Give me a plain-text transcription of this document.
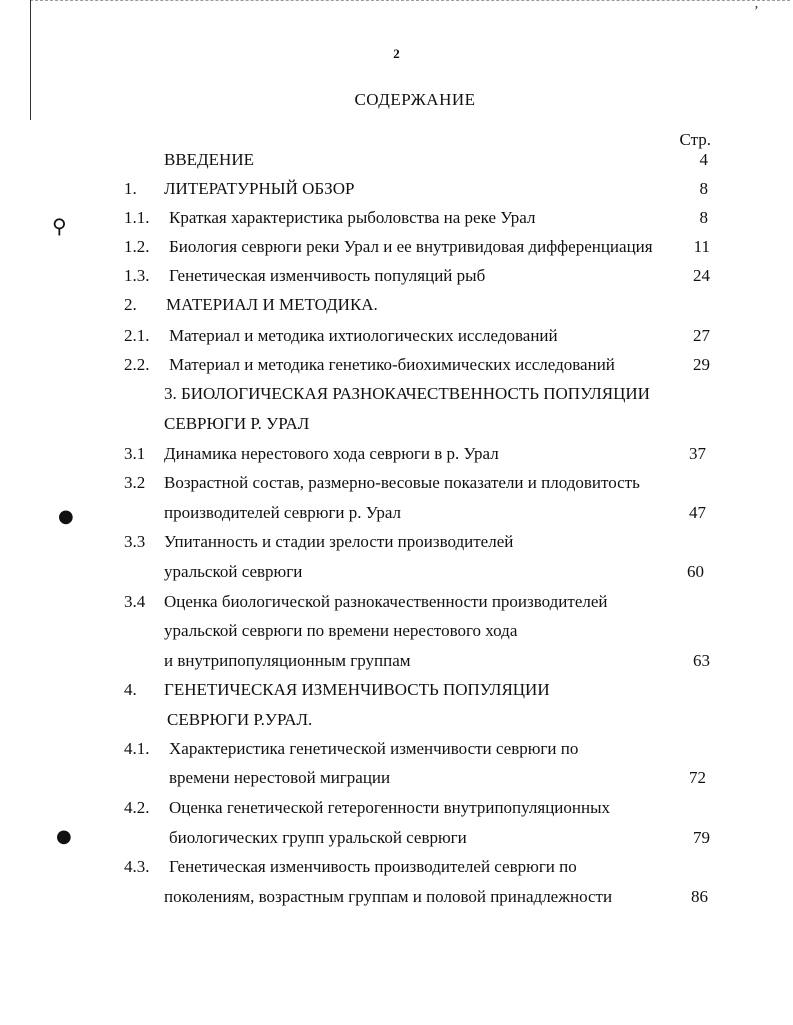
⚲
●
●
’
2
СОДЕРЖАНИЕ
Стр.
ВВЕДЕНИЕ	4
1. ЛИТЕРАТУРНЫЙ ОБЗОР	8
1.1. Краткая характеристика рыболовства на реке Урал	8
1.2. Биология севрюги реки Урал и ее внутривидовая дифференциация	11
1.3. Генетическая изменчивость популяций рыб	24
2. МАТЕРИАЛ И МЕТОДИКА.
2.1. Материал и методика ихтиологических исследований	27
2.2. Материал и методика генетико-биохимических исследований	29
3. БИОЛОГИЧЕСКАЯ РАЗНОКАЧЕСТВЕННОСТЬ ПОПУЛЯЦИИ
СЕВРЮГИ Р. УРАЛ
3.1 Динамика нерестового хода севрюги в р. Урал	37
3.2 Возрастной состав, размерно-весовые показатели и плодовитость
производителей севрюги р. Урал	47
3.3 Упитанность и стадии зрелости производителей
уральской севрюги	60
3.4 Оценка биологической разнокачественности производителей
уральской севрюги по времени нерестового хода
и внутрипопуляционным группам	63
4. ГЕНЕТИЧЕСКАЯ ИЗМЕНЧИВОСТЬ ПОПУЛЯЦИИ
СЕВРЮГИ Р.УРАЛ.
4.1. Характеристика генетической изменчивости севрюги по
времени нерестовой миграции	72
4.2. Оценка генетической гетерогенности внутрипопуляционных
биологических групп уральской севрюги	79
4.3. Генетическая изменчивость производителей севрюги по
поколениям, возрастным группам и половой принадлежности	86
